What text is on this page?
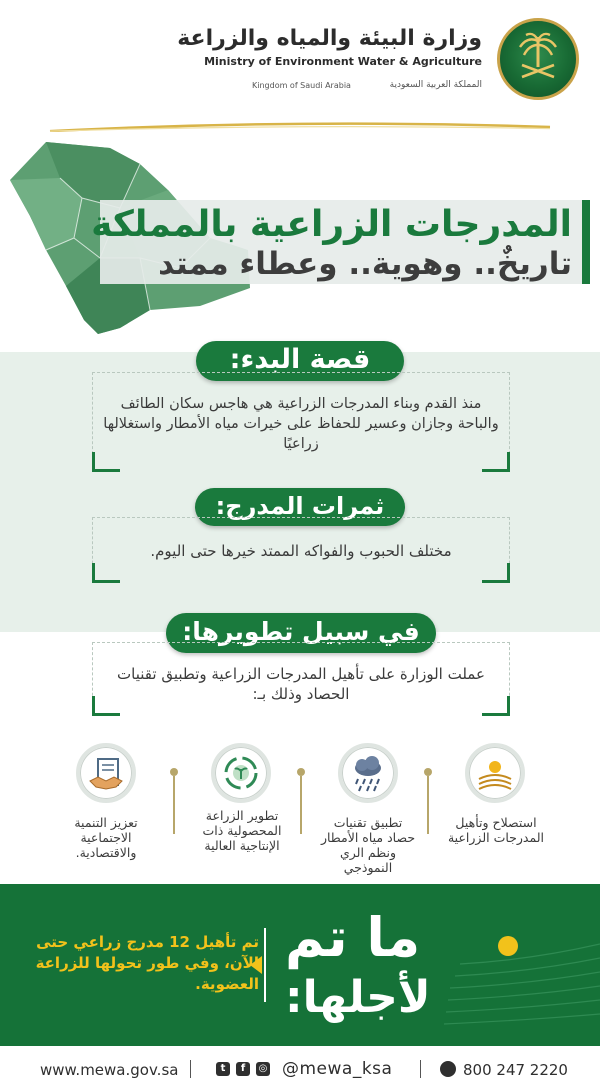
وزارة البيئة والمياه والزراعة
Ministry of Environment Water & Agriculture
Kingdom of Saudi Arabia	المملكة العربية السعودية
المدرجات الزراعية بالمملكة
تاريخٌ.. وهوية.. وعطاء ممتد
قصة البدء:
منذ القدم وبناء المدرجات الزراعية هي هاجس سكان الطائف والباحة وجازان وعسير للحفاظ على خيرات مياه الأمطار واستغلالها زراعيًا
ثمرات المدرج:
مختلف الحبوب والفواكه الممتد خيرها حتى اليوم.
في سبيل تطويرها:
عملت الوزارة على تأهيل المدرجات الزراعية وتطبيق تقنيات الحصاد وذلك بـ:
استصلاح وتأهيل المدرجات الزراعية
تطبيق تقنيات حصاد مياه الأمطار ونظم الري النموذجي
تطوير الزراعة المحصولية ذات الإنتاجية العالية
تعزيز التنمية الاجتماعية والاقتصادية.
ما تم
لأجلها:
تم تأهيل 12 مدرج زراعي حتى الآن، وفي طور تحولها للزراعة العضوية.
www.mewa.gov.sa	t	f	◎ @mewa_ksa	800 247 2220
